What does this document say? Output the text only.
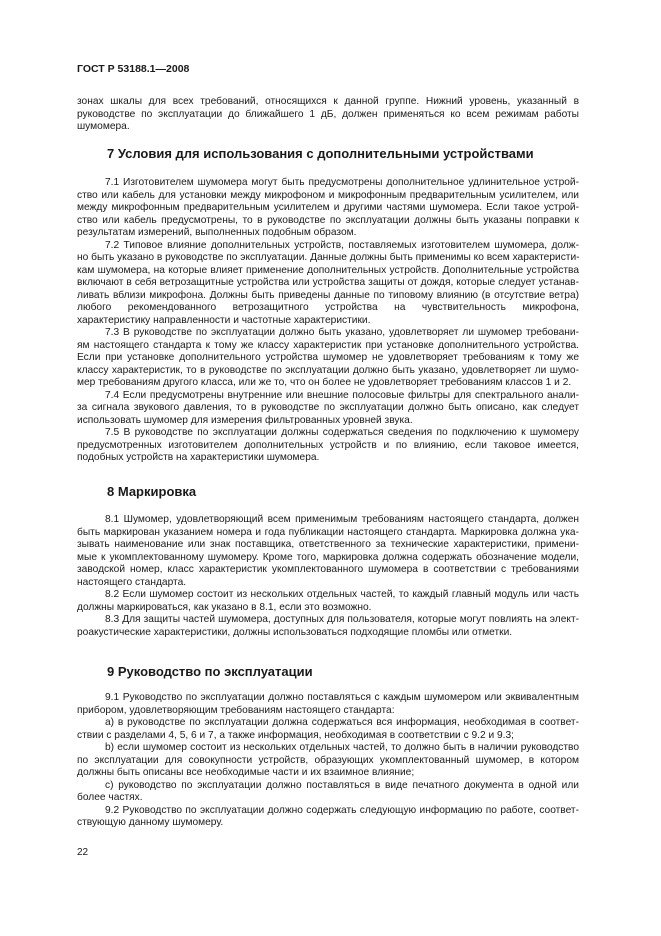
ГОСТ Р 53188.1—2008
зонах шкалы для всех требований, относящихся к данной группе. Нижний уровень, указанный в
руководстве по эксплуатации до ближайшего 1 дБ, должен применяться ко всем режимам работы
шумомера.
7 Условия для использования с дополнительными устройствами
7.1 Изготовителем шумомера могут быть предусмотрены дополнительное удлинительное устрой-
ство или кабель для установки между микрофоном и микрофонным предварительным усилителем, или
между микрофонным предварительным усилителем и другими частями шумомера. Если такое устрой-
ство или кабель предусмотрены, то в руководстве по эксплуатации должны быть указаны поправки к
результатам измерений, выполненных подобным образом.
7.2 Типовое влияние дополнительных устройств, поставляемых изготовителем шумомера, долж-
но быть указано в руководстве по эксплуатации. Данные должны быть применимы ко всем характеристи-
кам шумомера, на которые влияет применение дополнительных устройств. Дополнительные устройства
включают в себя ветрозащитные устройства или устройства защиты от дождя, которые следует устанав-
ливать вблизи микрофона. Должны быть приведены данные по типовому влиянию (в отсутствие ветра)
любого рекомендованного ветрозащитного устройства на чувствительность микрофона,
характеристику направленности и частотные характеристики.
7.3 В руководстве по эксплуатации должно быть указано, удовлетворяет ли шумомер требовани-
ям настоящего стандарта к тому же классу характеристик при установке дополнительного устройства.
Если при установке дополнительного устройства шумомер не удовлетворяет требованиям к тому же
классу характеристик, то в руководстве по эксплуатации должно быть указано, удовлетворяет ли шумо-
мер требованиям другого класса, или же то, что он более не удовлетворяет требованиям классов 1 и 2.
7.4 Если предусмотрены внутренние или внешние полосовые фильтры для спектрального анали-
за сигнала звукового давления, то в руководстве по эксплуатации должно быть описано, как следует
использовать шумомер для измерения фильтрованных уровней звука.
7.5 В руководстве по эксплуатации должны содержаться сведения по подключению к шумомеру
предусмотренных изготовителем дополнительных устройств и по влиянию, если таковое имеется,
подобных устройств на характеристики шумомера.
8 Маркировка
8.1 Шумомер, удовлетворяющий всем применимым требованиям настоящего стандарта, должен
быть маркирован указанием номера и года публикации настоящего стандарта. Маркировка должна ука-
зывать наименование или знак поставщика, ответственного за технические характеристики, примени-
мые к укомплектованному шумомеру. Кроме того, маркировка должна содержать обозначение модели,
заводской номер, класс характеристик укомплектованного шумомера в соответствии с требованиями
настоящего стандарта.
8.2 Если шумомер состоит из нескольких отдельных частей, то каждый главный модуль или часть
должны маркироваться, как указано в 8.1, если это возможно.
8.3 Для защиты частей шумомера, доступных для пользователя, которые могут повлиять на элект-
роакустические характеристики, должны использоваться подходящие пломбы или отметки.
9 Руководство по эксплуатации
9.1 Руководство по эксплуатации должно поставляться с каждым шумомером или эквивалентным
прибором, удовлетворяющим требованиям настоящего стандарта:
а) в руководстве по эксплуатации должна содержаться вся информация, необходимая в соответ-
ствии с разделами 4, 5, 6 и 7, а также информация, необходимая в соответствии с 9.2 и 9.3;
b) если шумомер состоит из нескольких отдельных частей, то должно быть в наличии руководство
по эксплуатации для совокупности устройств, образующих укомплектованный шумомер, в котором
должны быть описаны все необходимые части и их взаимное влияние;
с) руководство по эксплуатации должно поставляться в виде печатного документа в одной или
более частях.
9.2 Руководство по эксплуатации должно содержать следующую информацию по работе, соответ-
ствующую данному шумомеру.
22
